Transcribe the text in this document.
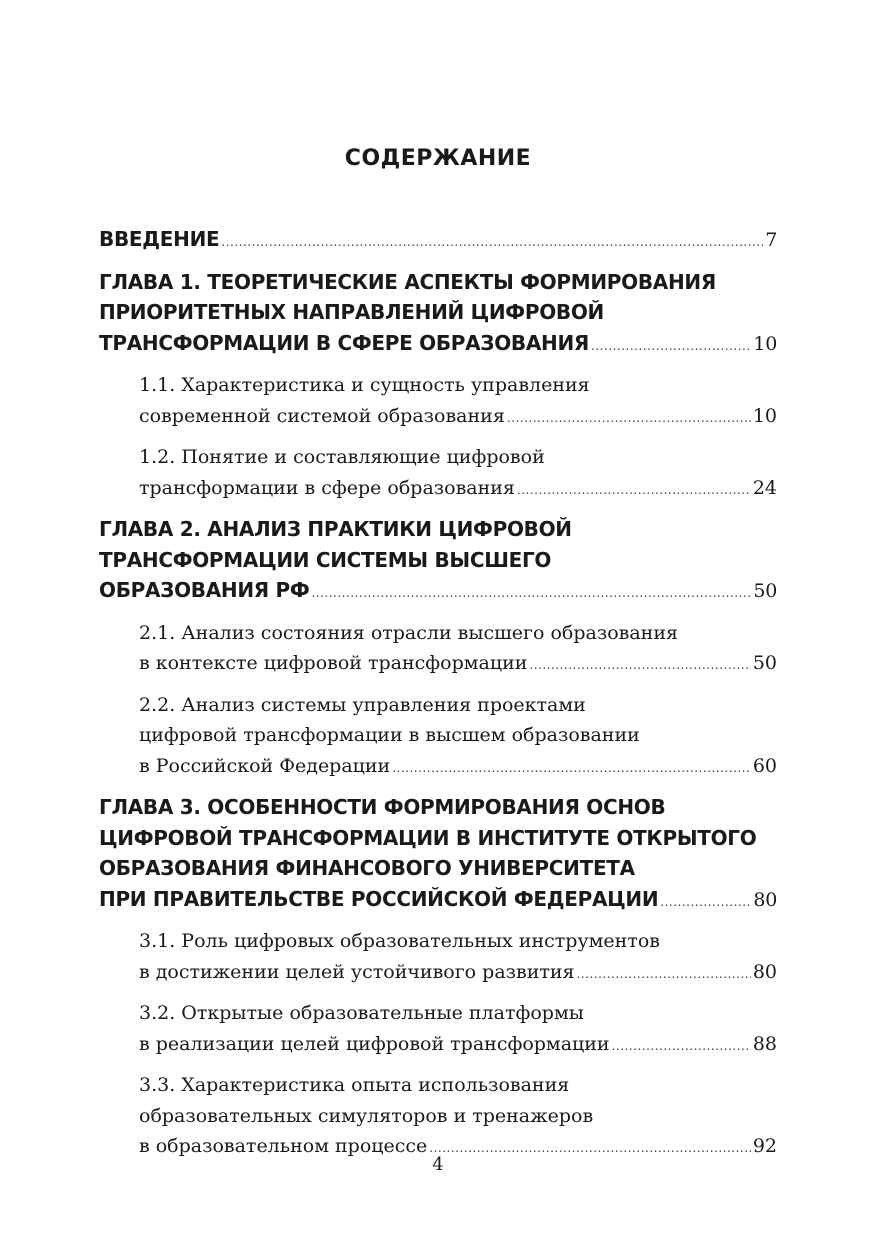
СОДЕРЖАНИЕ
ВВЕДЕНИЕ .....	7
ГЛАВА 1. ТЕОРЕТИЧЕСКИЕ АСПЕКТЫ ФОРМИРОВАНИЯ
ПРИОРИТЕТНЫХ НАПРАВЛЕНИЙ ЦИФРОВОЙ
ТРАНСФОРМАЦИИ В СФЕРЕ ОБРАЗОВАНИЯ .....	10
1.1. Характеристика и сущность управления
современной системой образования .....	10
1.2. Понятие и составляющие цифровой
трансформации в сфере образования .....	24
ГЛАВА 2. АНАЛИЗ ПРАКТИКИ ЦИФРОВОЙ
ТРАНСФОРМАЦИИ СИСТЕМЫ ВЫСШЕГО
ОБРАЗОВАНИЯ РФ .....	50
2.1. Анализ состояния отрасли высшего образования
в контексте цифровой трансформации .....	50
2.2. Анализ системы управления проектами
цифровой трансформации в высшем образовании
в Российской Федерации .....	60
ГЛАВА 3. ОСОБЕННОСТИ ФОРМИРОВАНИЯ ОСНОВ
ЦИФРОВОЙ ТРАНСФОРМАЦИИ В ИНСТИТУТЕ ОТКРЫТОГО
ОБРАЗОВАНИЯ ФИНАНСОВОГО УНИВЕРСИТЕТА
ПРИ ПРАВИТЕЛЬСТВЕ РОССИЙСКОЙ ФЕДЕРАЦИИ .....	80
3.1. Роль цифровых образовательных инструментов
в достижении целей устойчивого развития .....	80
3.2. Открытые образовательные платформы
в реализации целей цифровой трансформации .....	88
3.3. Характеристика опыта использования
образовательных симуляторов и тренажеров
в образовательном процессе .....	92
4
